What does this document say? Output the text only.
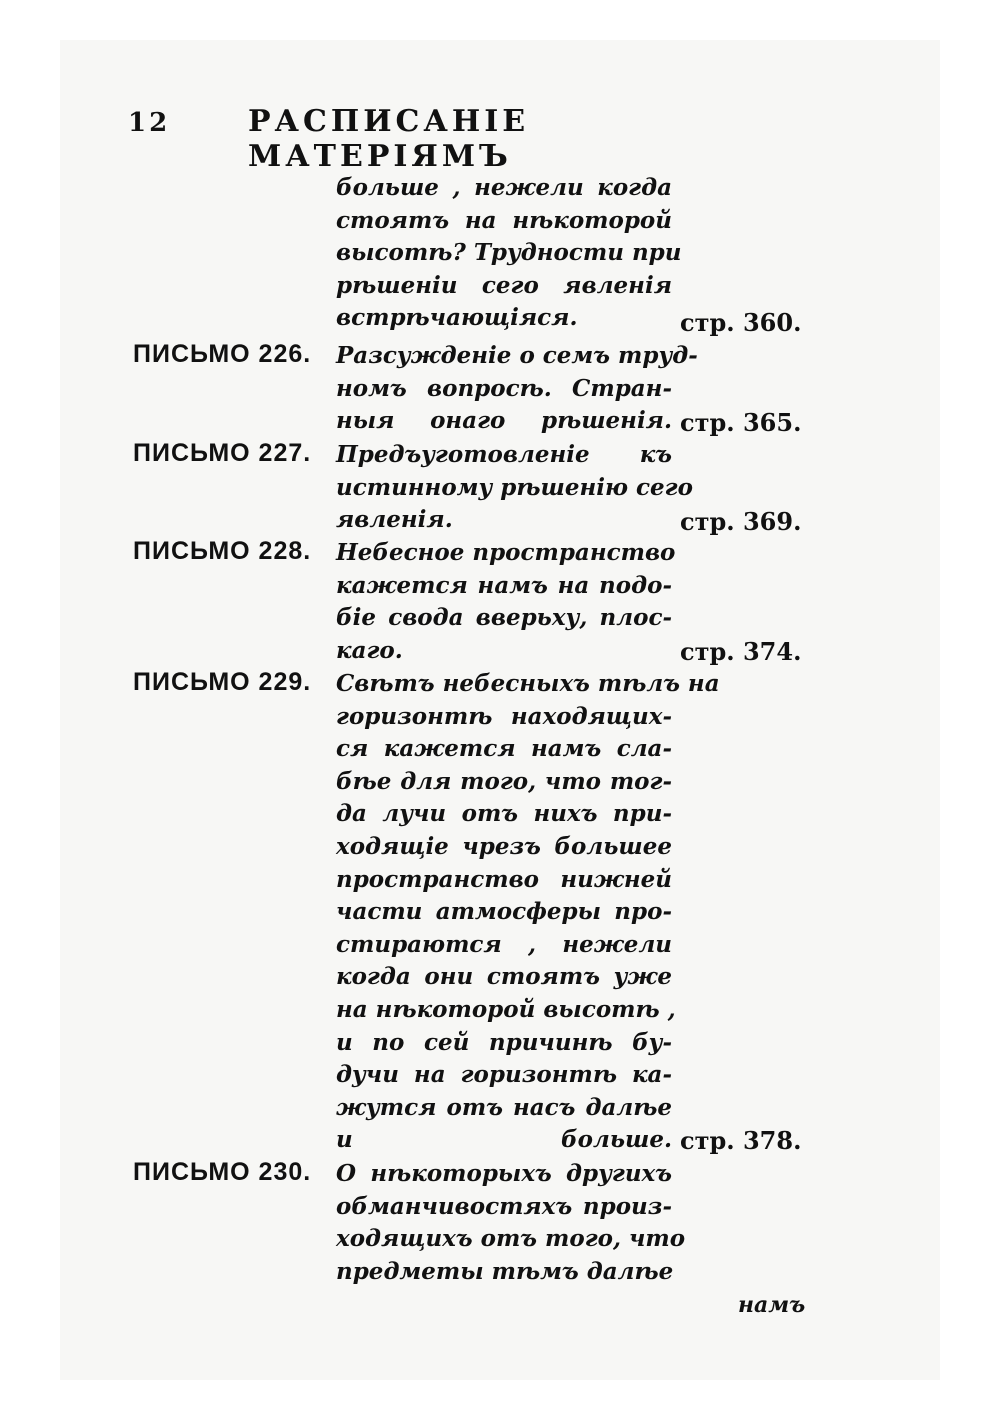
12	РАСПИСАНІЕ МАТЕРІЯМЪ
больше , нежели когда
стоятъ на нѣкоторой
высотѣ? Трудности при
рѣшеніи сего явленія
встрѣчающіяся.	стр. 360.
ПИСЬМО 226. Разсужденіе о семъ труд-
номъ вопросѣ. Стран-
ныя онаго рѣшенія. стр. 365.
ПИСЬМО 227. Предъуготовленіе къ
истинному рѣшенію сего
явленія.	стр. 369.
ПИСЬМО 228. Небесное пространство
кажется намъ на подо-
біе свода вверьху, плос-
каго.	стр. 374.
ПИСЬМО 229. Свѣтъ небесныхъ тѣлъ на
горизонтѣ находящих-
ся кажется намъ сла-
бѣе для того, что тог-
да лучи отъ нихъ при-
ходящіе чрезъ большее
пространство нижней
части атмосферы про-
стираются , нежели
когда они стоятъ уже
на нѣкоторой высотѣ ,
и по сей причинѣ бу-
дучи на горизонтѣ ка-
жутся отъ насъ далѣе
и больше. стр. 378.
ПИСЬМО 230. О нѣкоторыхъ другихъ
обманчивостяхъ произ-
ходящихъ отъ того, что
предметы тѣмъ далѣе
намъ
